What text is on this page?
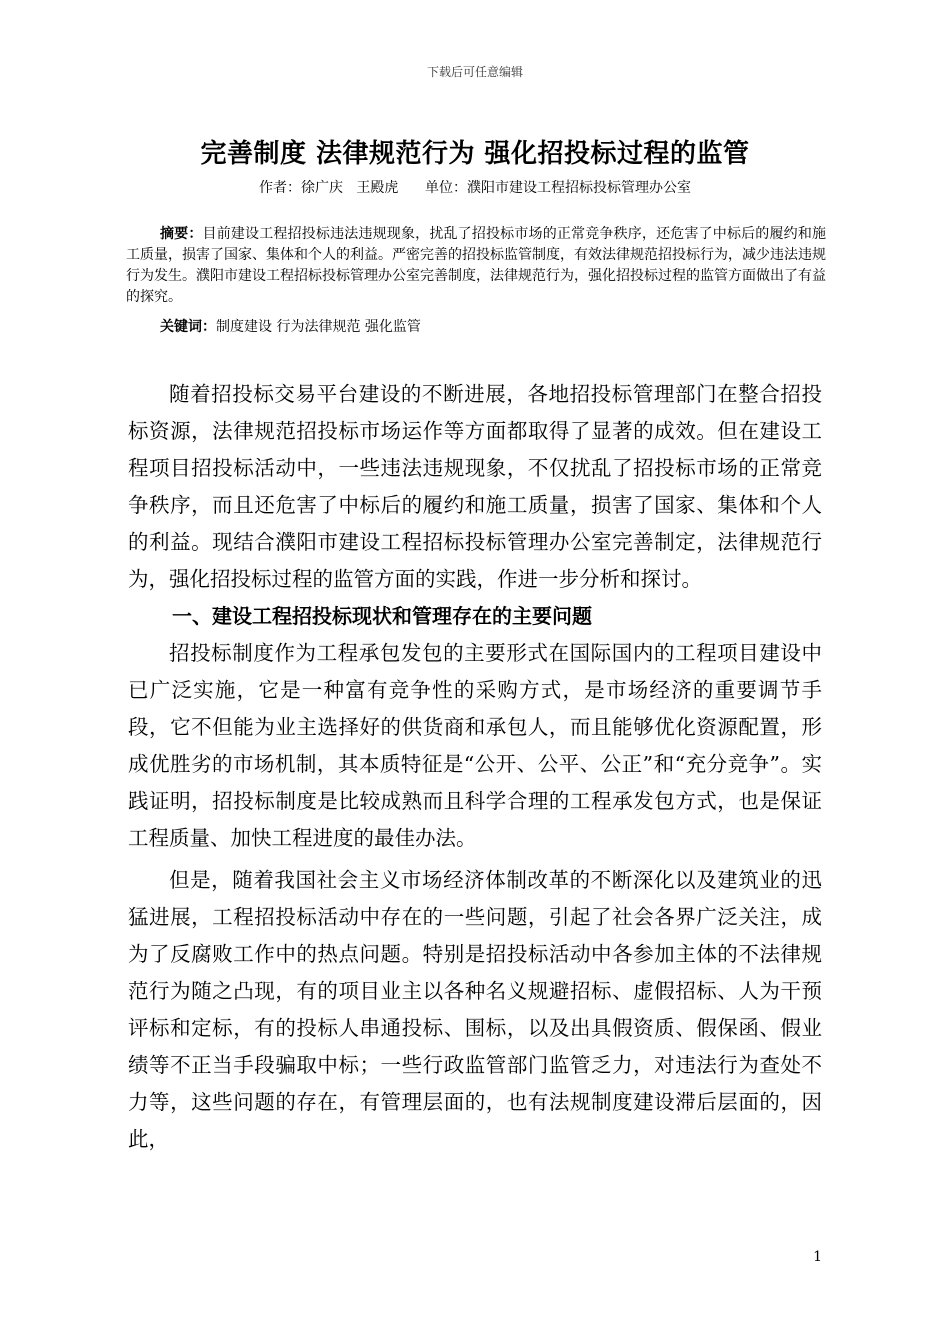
下载后可任意编辑
完善制度 法律规范行为 强化招投标过程的监管
作者：徐广庆   王殿虎      单位：濮阳市建设工程招标投标管理办公室

摘要：目前建设工程招投标违法违规现象，扰乱了招投标市场的正常竞争秩序，还危害了中标后的履约和施工质量，损害了国家、集体和个人的利益。严密完善的招投标监管制度，有效法律规范招投标行为，减少违法违规行为发生。濮阳市建设工程招标投标管理办公室完善制度，法律规范行为，强化招投标过程的监管方面做出了有益的探究。

关键词：制度建设 行为法律规范 强化监管

随着招投标交易平台建设的不断进展，各地招投标管理部门在整合招投标资源，法律规范招投标市场运作等方面都取得了显著的成效。但在建设工程项目招投标活动中，一些违法违规现象，不仅扰乱了招投标市场的正常竞争秩序，而且还危害了中标后的履约和施工质量，损害了国家、集体和个人的利益。现结合濮阳市建设工程招标投标管理办公室完善制定，法律规范行为，强化招投标过程的监管方面的实践，作进一步分析和探讨。

一、建设工程招投标现状和管理存在的主要问题

招投标制度作为工程承包发包的主要形式在国际国内的工程项目建设中已广泛实施，它是一种富有竞争性的采购方式，是市场经济的重要调节手段，它不但能为业主选择好的供货商和承包人，而且能够优化资源配置，形成优胜劣的市场机制，其本质特征是“公开、公平、公正”和“充分竞争”。实践证明，招投标制度是比较成熟而且科学合理的工程承发包方式，也是保证工程质量、加快工程进度的最佳办法。

但是，随着我国社会主义市场经济体制改革的不断深化以及建筑业的迅猛进展，工程招投标活动中存在的一些问题，引起了社会各界广泛关注，成为了反腐败工作中的热点问题。特别是招投标活动中各参加主体的不法律规范行为随之凸现，有的项目业主以各种名义规避招标、虚假招标、人为干预评标和定标，有的投标人串通投标、围标，以及出具假资质、假保函、假业绩等不正当手段骗取中标；一些行政监管部门监管乏力，对违法行为查处不力等，这些问题的存在，有管理层面的，也有法规制度建设滞后层面的，因此，

1
